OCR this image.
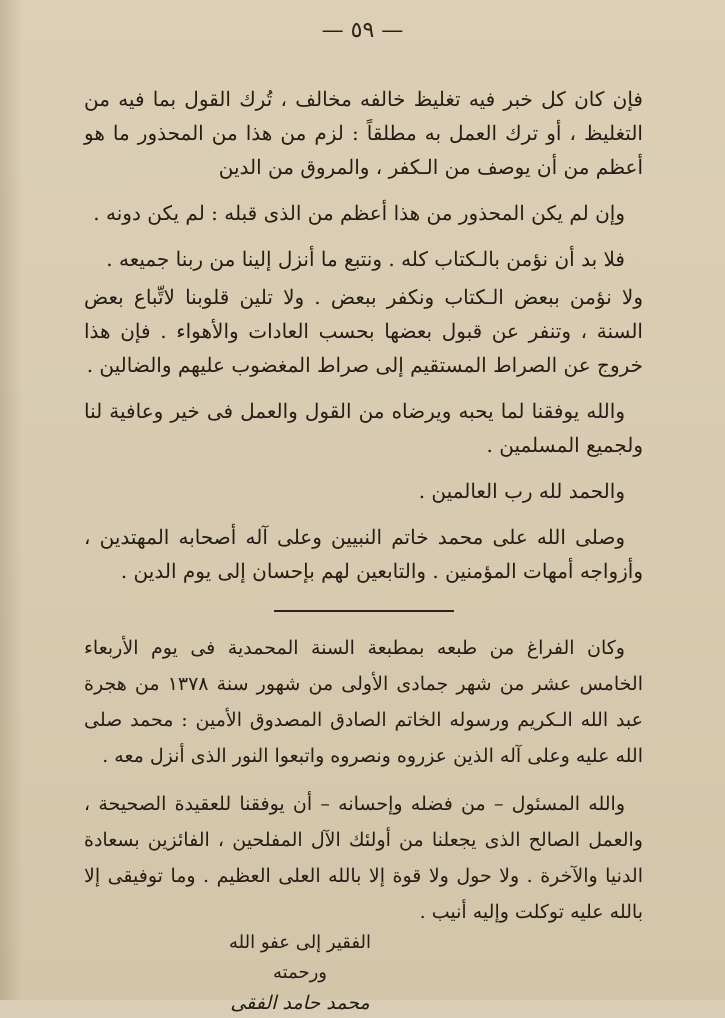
— ٥٩ —

فإن كان كل خبر فيه تغليظ خالفه مخالف ، تُرك القول بما فيه من التغليظ ، أو ترك العمل به مطلقاً : لزم من هذا من المحذور ما هو أعظم من أن يوصف من الـكفر ، والمروق من الدين

وإن لم يكن المحذور من هذا أعظم من الذى قبله : لم يكن دونه .

فلا بد أن نؤمن بالـكتاب كله . ونتبع ما أنزل إلينا من ربنا جميعه .

ولا نؤمن ببعض الـكتاب ونكفر ببعض . ولا تلين قلوبنا لاتِّباع بعض السنة ، وتنفر عن قبول بعضها بحسب العادات والأهواء . فإن هذا خروج عن الصراط المستقيم إلى صراط المغضوب عليهم والضالين .

والله يوفقنا لما يحبه ويرضاه من القول والعمل فى خير وعافية لنا ولجميع المسلمين .

والحمد لله رب العالمين .

وصلى الله على محمد خاتم النبيين وعلى آله أصحابه المهتدين ، وأزواجه أمهات المؤمنين . والتابعين لهم بإحسان إلى يوم الدين .

وكان الفراغ من طبعه بمطبعة السنة المحمدية فى يوم الأربعاء الخامس عشر من شهر جمادى الأولى من شهور سنة ١٣٧٨ من هجرة عبد الله الـكريم ورسوله الخاتم الصادق المصدوق الأمين : محمد صلى الله عليه وعلى آله الذين عزروه ونصروه واتبعوا النور الذى أنزل معه .

والله المسئول – من فضله وإحسانه – أن يوفقنا للعقيدة الصحيحة ، والعمل الصالح الذى يجعلنا من أولئك الآل المفلحين ، الفائزين بسعادة الدنيا والآخرة . ولا حول ولا قوة إلا بالله العلى العظيم . وما توفيقى إلا بالله عليه توكلت وإليه أنيب .

الفقير إلى عفو الله ورحمته
محمد حامد الفقى
